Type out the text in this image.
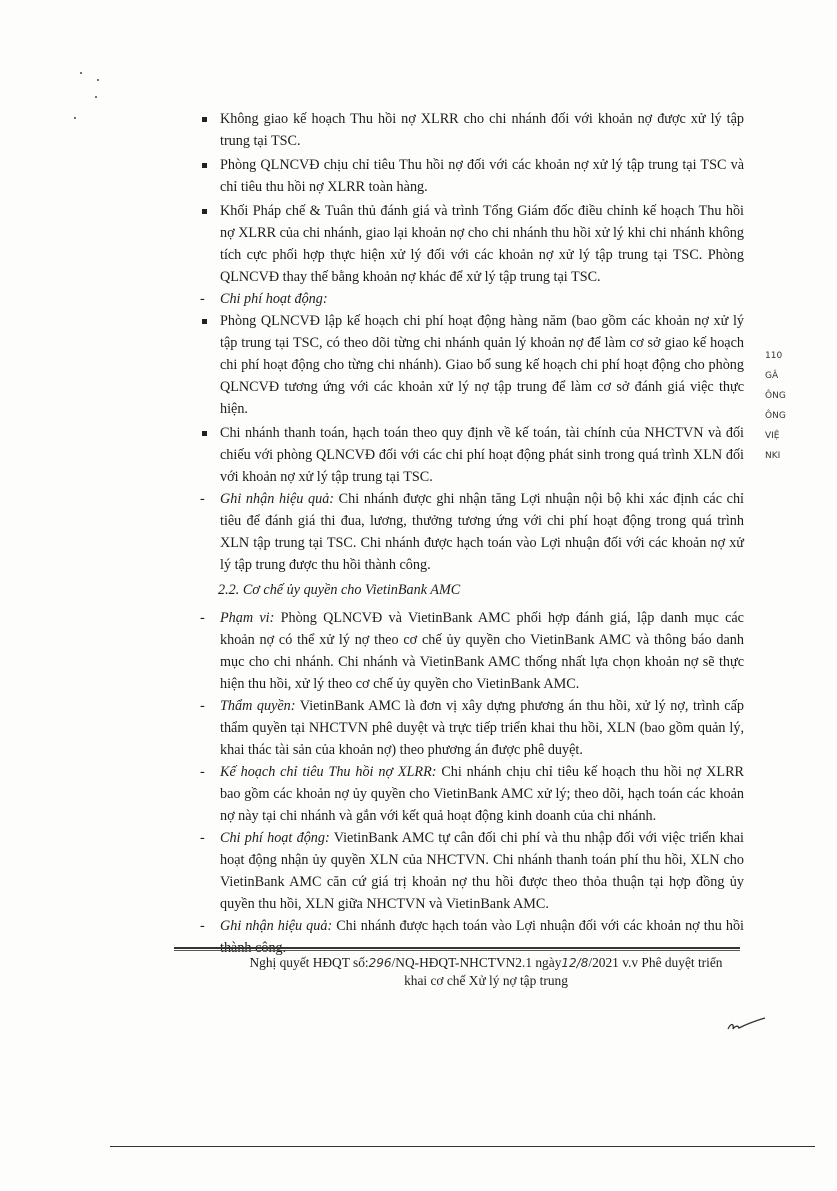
Không giao kế hoạch Thu hồi nợ XLRR cho chi nhánh đối với khoản nợ được xử lý tập trung tại TSC.
Phòng QLNCVĐ chịu chỉ tiêu Thu hồi nợ đối với các khoản nợ xử lý tập trung tại TSC và chỉ tiêu thu hồi nợ XLRR toàn hàng.
Khối Pháp chế & Tuân thủ đánh giá và trình Tổng Giám đốc điều chỉnh kế hoạch Thu hồi nợ XLRR của chi nhánh, giao lại khoản nợ cho chi nhánh thu hồi xử lý khi chi nhánh không tích cực phối hợp thực hiện xử lý đối với các khoản nợ xử lý tập trung tại TSC. Phòng QLNCVĐ thay thế bằng khoản nợ khác để xử lý tập trung tại TSC.
- Chi phí hoạt động:
Phòng QLNCVĐ lập kế hoạch chi phí hoạt động hàng năm (bao gồm các khoản nợ xử lý tập trung tại TSC, có theo dõi từng chi nhánh quản lý khoản nợ để làm cơ sở giao kế hoạch chi phí hoạt động cho từng chi nhánh). Giao bổ sung kế hoạch chi phí hoạt động cho phòng QLNCVĐ tương ứng với các khoản xử lý nợ tập trung để làm cơ sở đánh giá việc thực hiện.
Chi nhánh thanh toán, hạch toán theo quy định về kế toán, tài chính của NHCTVN và đối chiếu với phòng QLNCVĐ đối với các chi phí hoạt động phát sinh trong quá trình XLN đối với khoản nợ xử lý tập trung tại TSC.
- Ghi nhận hiệu quả: Chi nhánh được ghi nhận tăng Lợi nhuận nội bộ khi xác định các chỉ tiêu để đánh giá thi đua, lương, thưởng tương ứng với chi phí hoạt động trong quá trình XLN tập trung tại TSC. Chi nhánh được hạch toán vào Lợi nhuận đối với các khoản nợ xử lý tập trung được thu hồi thành công.
2.2. Cơ chế ủy quyền cho VietinBank AMC
- Phạm vi: Phòng QLNCVĐ và VietinBank AMC phối hợp đánh giá, lập danh mục các khoản nợ có thể xử lý nợ theo cơ chế ủy quyền cho VietinBank AMC và thông báo danh mục cho chi nhánh. Chi nhánh và VietinBank AMC thống nhất lựa chọn khoản nợ sẽ thực hiện thu hồi, xử lý theo cơ chế ủy quyền cho VietinBank AMC.
- Thẩm quyền: VietinBank AMC là đơn vị xây dựng phương án thu hồi, xử lý nợ, trình cấp thẩm quyền tại NHCTVN phê duyệt và trực tiếp triển khai thu hồi, XLN (bao gồm quản lý, khai thác tài sản của khoản nợ) theo phương án được phê duyệt.
- Kế hoạch chỉ tiêu Thu hồi nợ XLRR: Chi nhánh chịu chỉ tiêu kế hoạch thu hồi nợ XLRR bao gồm các khoản nợ ủy quyền cho VietinBank AMC xử lý; theo dõi, hạch toán các khoản nợ này tại chi nhánh và gắn với kết quả hoạt động kinh doanh của chi nhánh.
- Chi phí hoạt động: VietinBank AMC tự cân đối chi phí và thu nhập đối với việc triển khai hoạt động nhận ủy quyền XLN của NHCTVN. Chi nhánh thanh toán phí thu hồi, XLN cho VietinBank AMC căn cứ giá trị khoản nợ thu hồi được theo thỏa thuận tại hợp đồng ủy quyền thu hồi, XLN giữa NHCTVN và VietinBank AMC.
- Ghi nhận hiệu quả: Chi nhánh được hạch toán vào Lợi nhuận đối với các khoản nợ thu hồi thành công.
110
GÂ
ÔNG
ÔNG
VIỆ
NKI
Nghị quyết HĐQT số:296/NQ-HĐQT-NHCTVN2.1 ngày12/8/2021 v.v Phê duyệt triển
khai cơ chế Xử lý nợ tập trung
